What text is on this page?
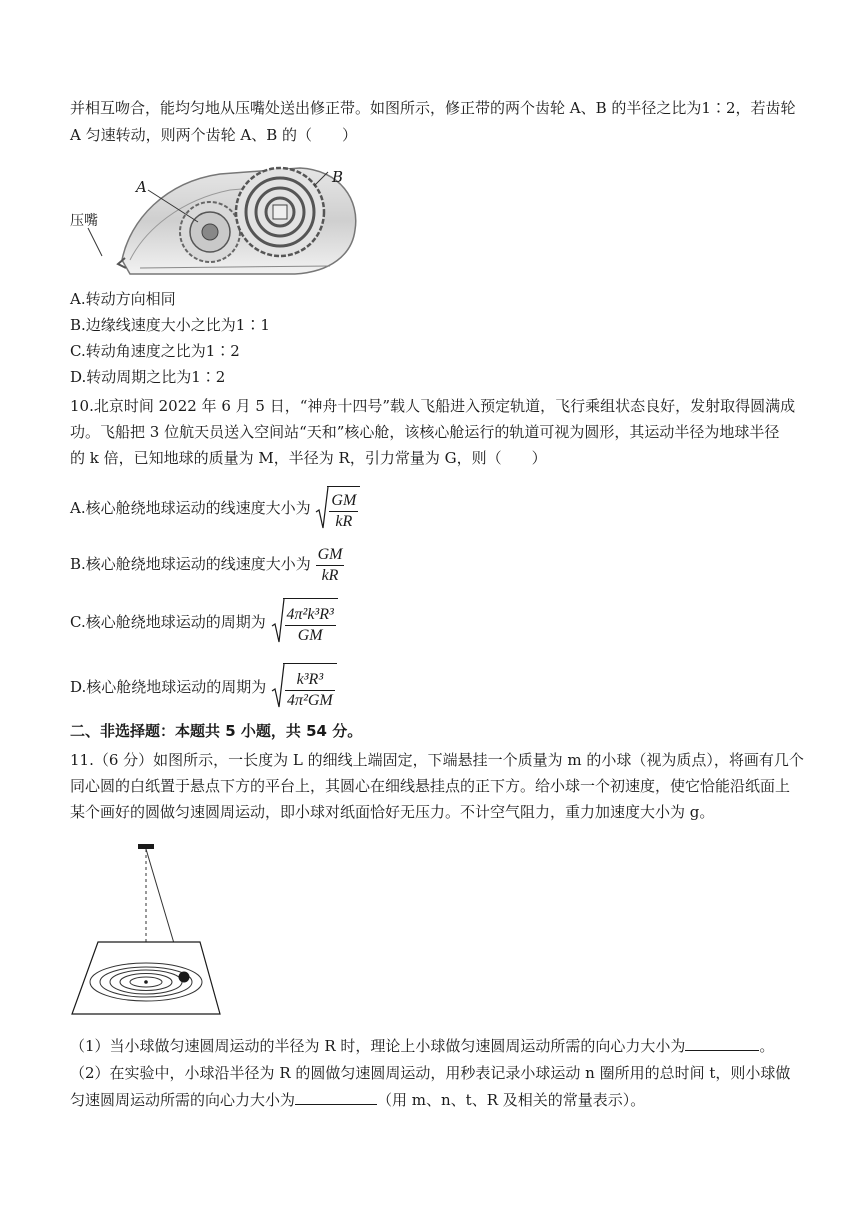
并相互吻合，能均匀地从压嘴处送出修正带。如图所示，修正带的两个齿轮 A、B 的半径之比为1∶2，若齿轮
A 匀速转动，则两个齿轮 A、B 的（　　）
A
B
压嘴
A.转动方向相同
B.边缘线速度大小之比为1∶1
C.转动角速度之比为1∶2
D.转动周期之比为1∶2
10.北京时间 2022 年 6 月 5 日，“神舟十四号”载人飞船进入预定轨道，飞行乘组状态良好，发射取得圆满成
功。飞船把 3 位航天员送入空间站“天和”核心舱，该核心舱运行的轨道可视为圆形，其运动半径为地球半径
的 k 倍，已知地球的质量为 M，半径为 R，引力常量为 G，则（　　）
A.核心舱绕地球运动的线速度大小为 $\frac{GM}{kR}$
B.核心舱绕地球运动的线速度大小为 $\frac{GM}{kR}$
C.核心舱绕地球运动的周期为 $\frac{\text{4π²k³R³}}{GM}$
D.核心舱绕地球运动的周期为 $\frac{\text{k³R³}}{\text{4π²GM}}$
二、非选择题：本题共 5 小题，共 54 分。
11.（6 分）如图所示，一长度为 L 的细线上端固定，下端悬挂一个质量为 m 的小球（视为质点），将画有几个
同心圆的白纸置于悬点下方的平台上，其圆心在细线悬挂点的正下方。给小球一个初速度，使它恰能沿纸面上
某个画好的圆做匀速圆周运动，即小球对纸面恰好无压力。不计空气阻力，重力加速度大小为 g。
（1）当小球做匀速圆周运动的半径为 R 时，理论上小球做匀速圆周运动所需的向心力大小为	。
（2）在实验中，小球沿半径为 R 的圆做匀速圆周运动，用秒表记录小球运动 n 圈所用的总时间 t，则小球做
匀速圆周运动所需的向心力大小为	（用 m、n、t、R 及相关的常量表示）。
